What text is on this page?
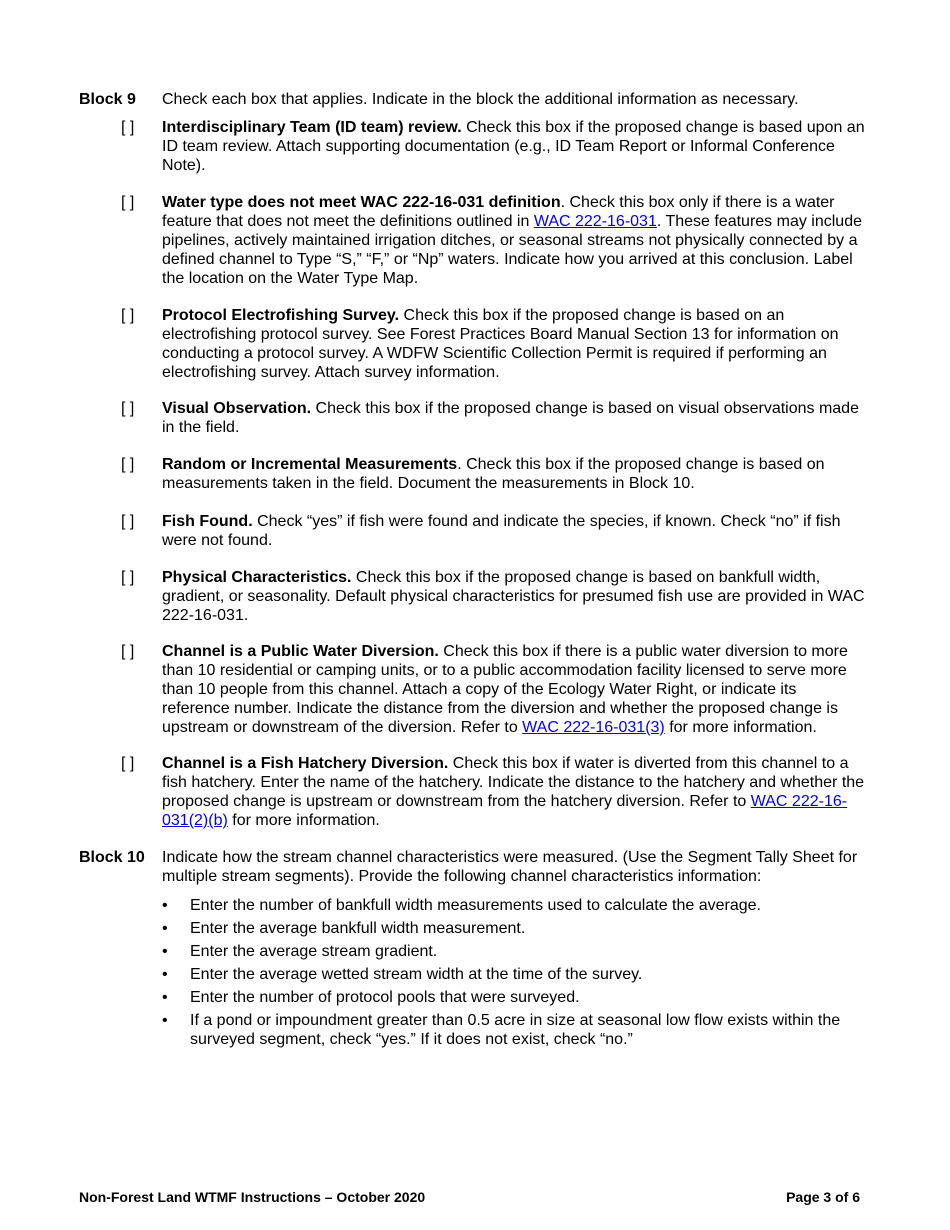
Block 9 Check each box that applies. Indicate in the block the additional information as necessary.
[ ] Interdisciplinary Team (ID team) review. Check this box if the proposed change is based upon an ID team review. Attach supporting documentation (e.g., ID Team Report or Informal Conference Note).
[ ] Water type does not meet WAC 222-16-031 definition. Check this box only if there is a water feature that does not meet the definitions outlined in WAC 222-16-031. These features may include pipelines, actively maintained irrigation ditches, or seasonal streams not physically connected by a defined channel to Type “S,” “F,” or “Np” waters. Indicate how you arrived at this conclusion. Label the location on the Water Type Map.
[ ] Protocol Electrofishing Survey. Check this box if the proposed change is based on an electrofishing protocol survey. See Forest Practices Board Manual Section 13 for information on conducting a protocol survey. A WDFW Scientific Collection Permit is required if performing an electrofishing survey. Attach survey information.
[ ] Visual Observation. Check this box if the proposed change is based on visual observations made in the field.
[ ] Random or Incremental Measurements. Check this box if the proposed change is based on measurements taken in the field. Document the measurements in Block 10.
[ ] Fish Found. Check “yes” if fish were found and indicate the species, if known. Check “no” if fish were not found.
[ ] Physical Characteristics. Check this box if the proposed change is based on bankfull width, gradient, or seasonality. Default physical characteristics for presumed fish use are provided in WAC 222-16-031.
[ ] Channel is a Public Water Diversion. Check this box if there is a public water diversion to more than 10 residential or camping units, or to a public accommodation facility licensed to serve more than 10 people from this channel. Attach a copy of the Ecology Water Right, or indicate its reference number. Indicate the distance from the diversion and whether the proposed change is upstream or downstream of the diversion. Refer to WAC 222-16-031(3) for more information.
[ ] Channel is a Fish Hatchery Diversion. Check this box if water is diverted from this channel to a fish hatchery. Enter the name of the hatchery. Indicate the distance to the hatchery and whether the proposed change is upstream or downstream from the hatchery diversion. Refer to WAC 222-16-031(2)(b) for more information.
Block 10 Indicate how the stream channel characteristics were measured. (Use the Segment Tally Sheet for multiple stream segments). Provide the following channel characteristics information:
• Enter the number of bankfull width measurements used to calculate the average.
• Enter the average bankfull width measurement.
• Enter the average stream gradient.
• Enter the average wetted stream width at the time of the survey.
• Enter the number of protocol pools that were surveyed.
• If a pond or impoundment greater than 0.5 acre in size at seasonal low flow exists within the surveyed segment, check “yes.” If it does not exist, check “no.”
Non-Forest Land WTMF Instructions – October 2020	Page 3 of 6
